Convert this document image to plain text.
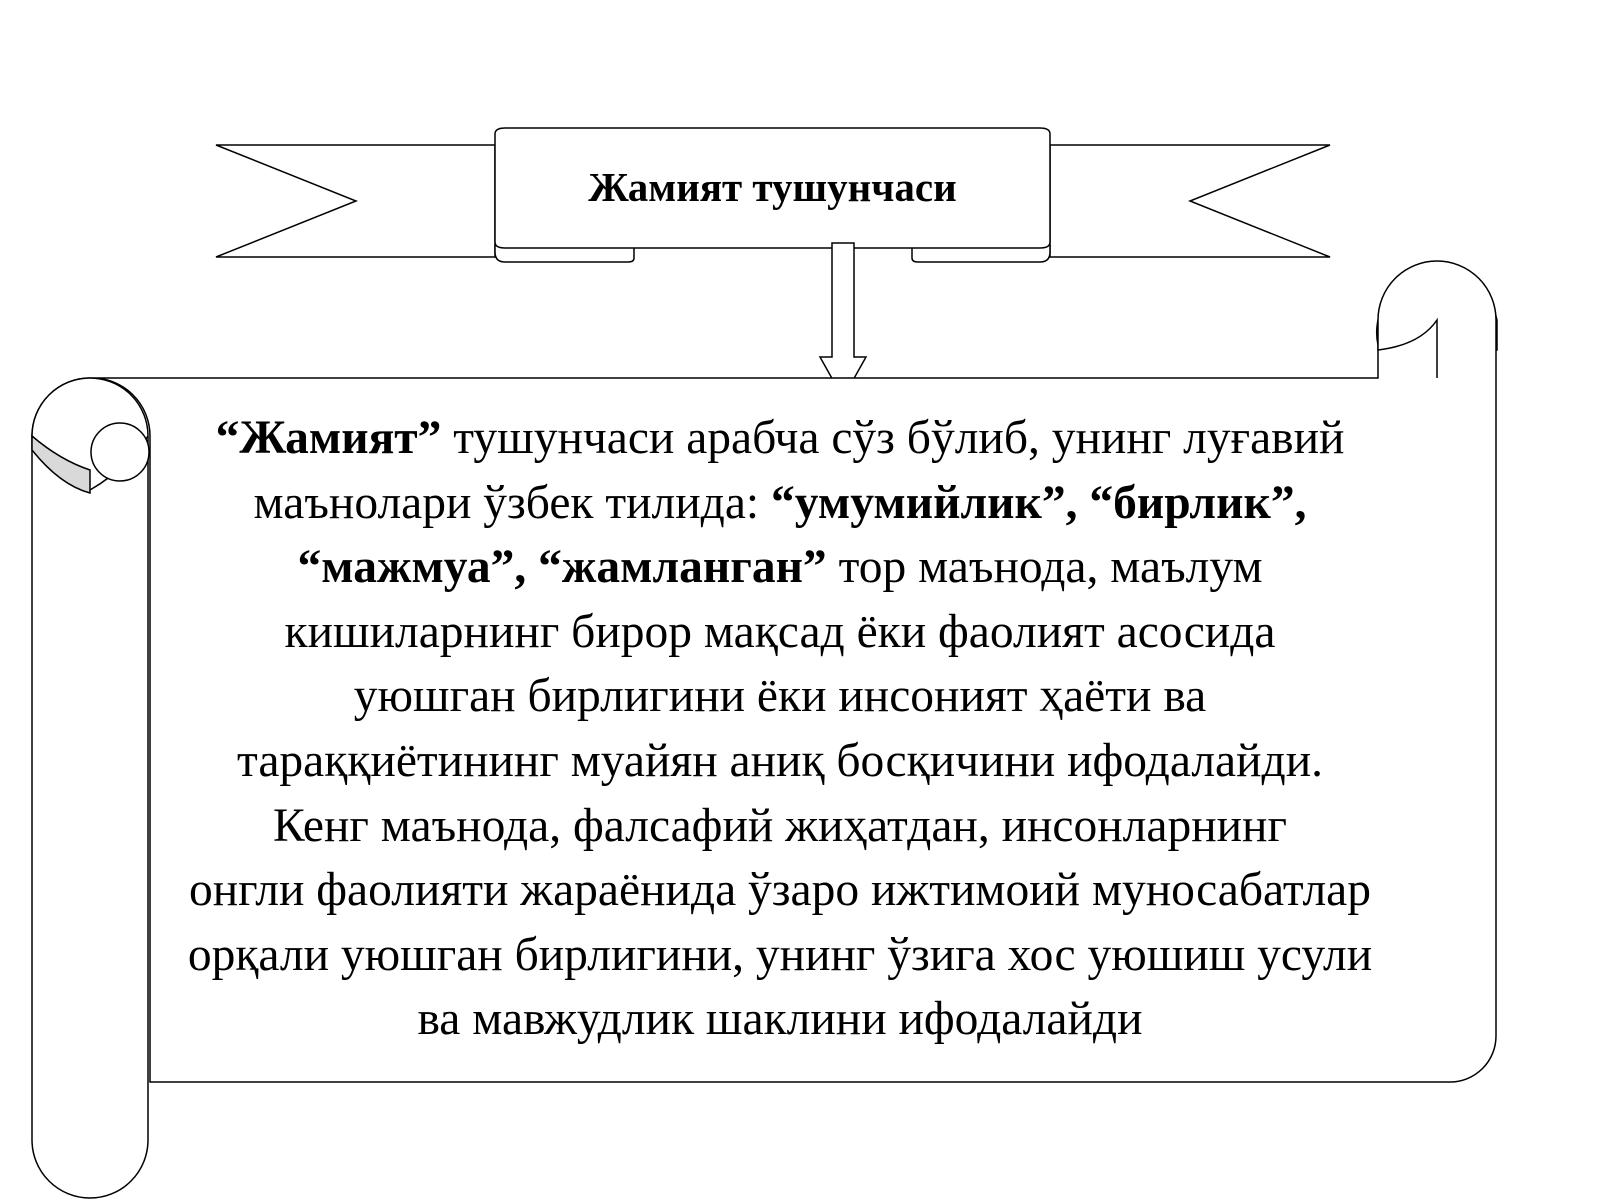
Жамият тушунчаси
“Жамият” тушунчаси арабча сўз бўлиб, унинг луғавий
маънолари ўзбек тилида: “умумийлик”, “бирлик”,
“мажмуа”, “жамланган” тор маънода, маълум
кишиларнинг бирор мақсад ёки фаолият асосида
уюшган бирлигини ёки инсоният ҳаёти ва
тараққиётининг муайян аниқ босқичини ифодалайди.
Кенг маънода, фалсафий жиҳатдан, инсонларнинг
онгли фаолияти жараёнида ўзаро ижтимоий муносабатлар
орқали уюшган бирлигини, унинг ўзига хос уюшиш усули
ва мавжудлик шаклини ифодалайди
